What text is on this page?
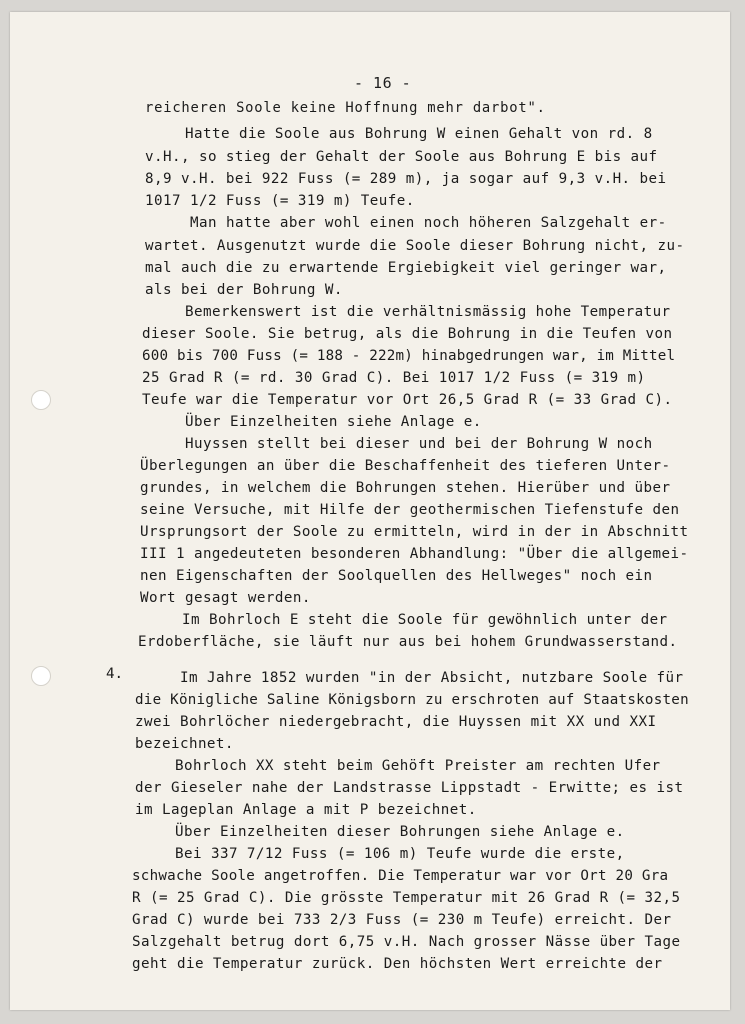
- 16 -
4.
reicheren Soole keine Hoffnung mehr darbot".
Hatte die Soole aus Bohrung W einen Gehalt von rd. 8
v.H., so stieg der Gehalt der Soole aus Bohrung E bis auf
8,9 v.H. bei 922 Fuss (= 289 m), ja sogar auf 9,3 v.H. bei
1017 1/2 Fuss (= 319 m) Teufe.
Man hatte aber wohl einen noch höheren Salzgehalt er-
wartet. Ausgenutzt wurde die Soole dieser Bohrung nicht, zu-
mal auch die zu erwartende Ergiebigkeit viel geringer war,
als bei der Bohrung W.
Bemerkenswert ist die verhältnismässig hohe Temperatur
dieser Soole. Sie betrug, als die Bohrung in die Teufen von
600 bis 700 Fuss (= 188 - 222m) hinabgedrungen war, im Mittel
25 Grad R (= rd. 30 Grad C). Bei 1017 1/2 Fuss (= 319 m)
Teufe war die Temperatur vor Ort 26,5 Grad R (= 33 Grad C).
Über Einzelheiten siehe Anlage e.
Huyssen stellt bei dieser und bei der Bohrung W noch
Überlegungen an über die Beschaffenheit des tieferen Unter-
grundes, in welchem die Bohrungen stehen. Hierüber und über
seine Versuche, mit Hilfe der geothermischen Tiefenstufe den
Ursprungsort der Soole zu ermitteln, wird in der in Abschnitt
III 1 angedeuteten besonderen Abhandlung: "Über die allgemei-
nen Eigenschaften der Soolquellen des Hellweges" noch ein
Wort gesagt werden.
Im Bohrloch E steht die Soole für gewöhnlich unter der
Erdoberfläche, sie läuft nur aus bei hohem Grundwasserstand.
Im Jahre 1852 wurden "in der Absicht, nutzbare Soole für
die Königliche Saline Königsborn zu erschroten auf Staatskosten
zwei Bohrlöcher niedergebracht, die Huyssen mit XX und XXI
bezeichnet.
Bohrloch XX steht beim Gehöft Preister am rechten Ufer
der Gieseler nahe der Landstrasse Lippstadt - Erwitte; es ist
im Lageplan Anlage a mit P bezeichnet.
Über Einzelheiten dieser Bohrungen siehe Anlage e.
Bei 337 7/12 Fuss (= 106 m) Teufe wurde die erste,
schwache Soole angetroffen. Die Temperatur war vor Ort 20 Gra
R (= 25 Grad C). Die grösste Temperatur mit 26 Grad R (= 32,5
Grad C) wurde bei 733 2/3 Fuss (= 230 m Teufe) erreicht. Der
Salzgehalt betrug dort 6,75 v.H. Nach grosser Nässe über Tage
geht die Temperatur zurück. Den höchsten Wert erreichte der
